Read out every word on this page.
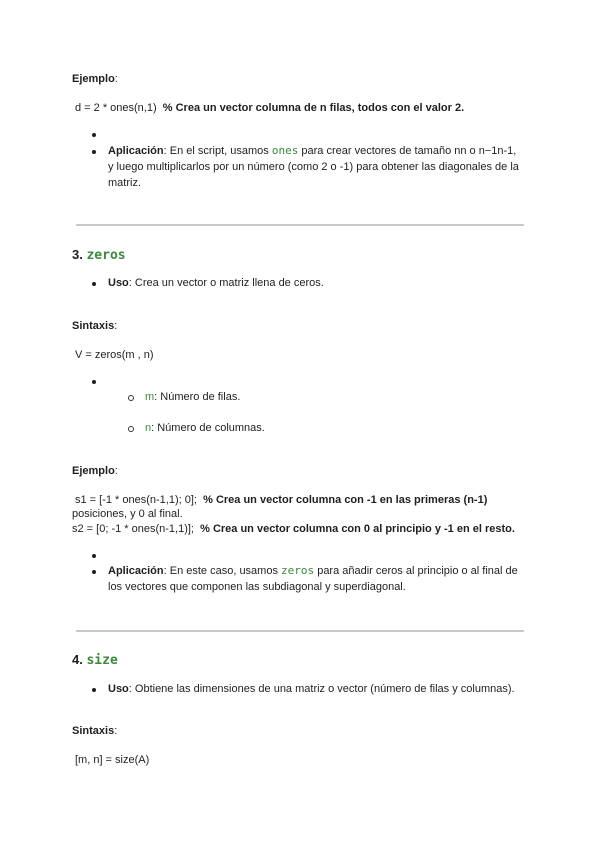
Ejemplo:
d = 2 * ones(n,1) % Crea un vector columna de n filas, todos con el valor 2.
Aplicación: En el script, usamos ones para crear vectores de tamaño nn o n−1n-1,
y luego multiplicarlos por un número (como 2 o -1) para obtener las diagonales de la
matriz.
3. zeros
Uso: Crea un vector o matriz llena de ceros.
Sintaxis:
V = zeros(m , n)
m: Número de filas.
n: Número de columnas.
Ejemplo:
s1 = [-1 * ones(n-1,1); 0]; % Crea un vector columna con -1 en las primeras (n-1)
posiciones, y 0 al final.
s2 = [0; -1 * ones(n-1,1)]; % Crea un vector columna con 0 al principio y -1 en el resto.
Aplicación: En este caso, usamos zeros para añadir ceros al principio o al final de
los vectores que componen las subdiagonal y superdiagonal.
4. size
Uso: Obtiene las dimensiones de una matriz o vector (número de filas y columnas).
Sintaxis:
[m, n] = size(A)
